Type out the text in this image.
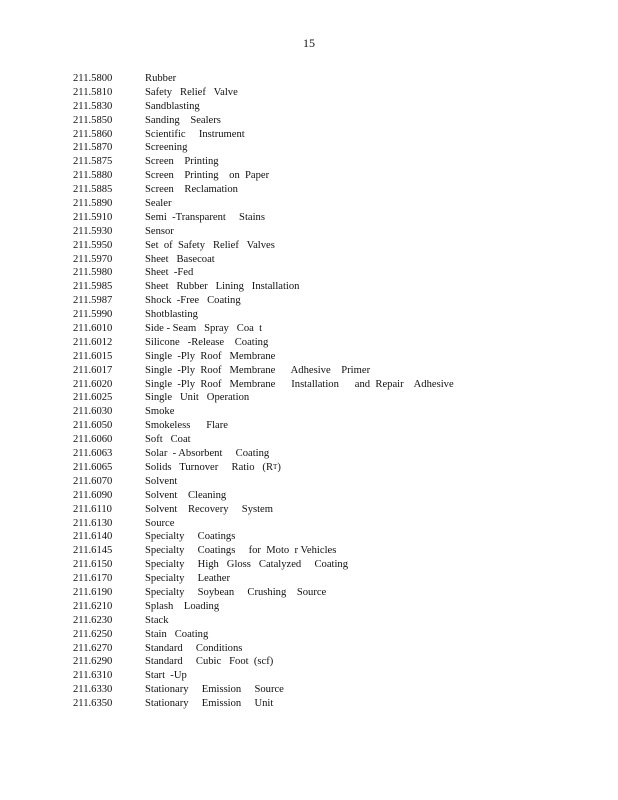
15
211.5800	Rubber
211.5810	Safety   Relief   Valve
211.5830	Sandblasting
211.5850	Sanding    Sealers
211.5860	Scientific     Instrument
211.5870	Screening
211.5875	Screen    Printing
211.5880	Screen    Printing    on  Paper
211.5885	Screen    Reclamation
211.5890	Sealer
211.5910	Semi  -Transparent     Stains
211.5930	Sensor
211.5950	Set  of  Safety   Relief   Valves
211.5970	Sheet   Basecoat
211.5980	Sheet  -Fed
211.5985	Sheet   Rubber   Lining   Installation
211.5987	Shock  -Free   Coating
211.5990	Shotblasting
211.6010	Side - Seam   Spray   Coa  t
211.6012	Silicone   -Release    Coating
211.6015	Single  -Ply  Roof   Membrane
211.6017	Single  -Ply  Roof   Membrane      Adhesive    Primer
211.6020	Single  -Ply  Roof   Membrane      Installation      and  Repair    Adhesive
211.6025	Single   Unit   Operation
211.6030	Smoke
211.6050	Smokeless      Flare
211.6060	Soft   Coat
211.6063	Solar  - Absorbent     Coating
211.6065	Solids   Turnover     Ratio   (R T )
211.6070	Solvent
211.6090	Solvent    Cleaning
211.6110	Solvent    Recovery     System
211.6130	Source
211.6140	Specialty     Coatings
211.6145	Specialty     Coatings     for  Moto  r Vehicles
211.6150	Specialty     High   Gloss   Catalyzed     Coating
211.6170	Specialty     Leather
211.6190	Specialty     Soybean     Crushing    Source
211.6210	Splash    Loading
211.6230	Stack
211.6250	Stain   Coating
211.6270	Standard     Conditions
211.6290	Standard     Cubic   Foot  (scf)
211.6310	Start  -Up
211.6330	Stationary     Emission     Source
211.6350	Stationary     Emission     Unit
